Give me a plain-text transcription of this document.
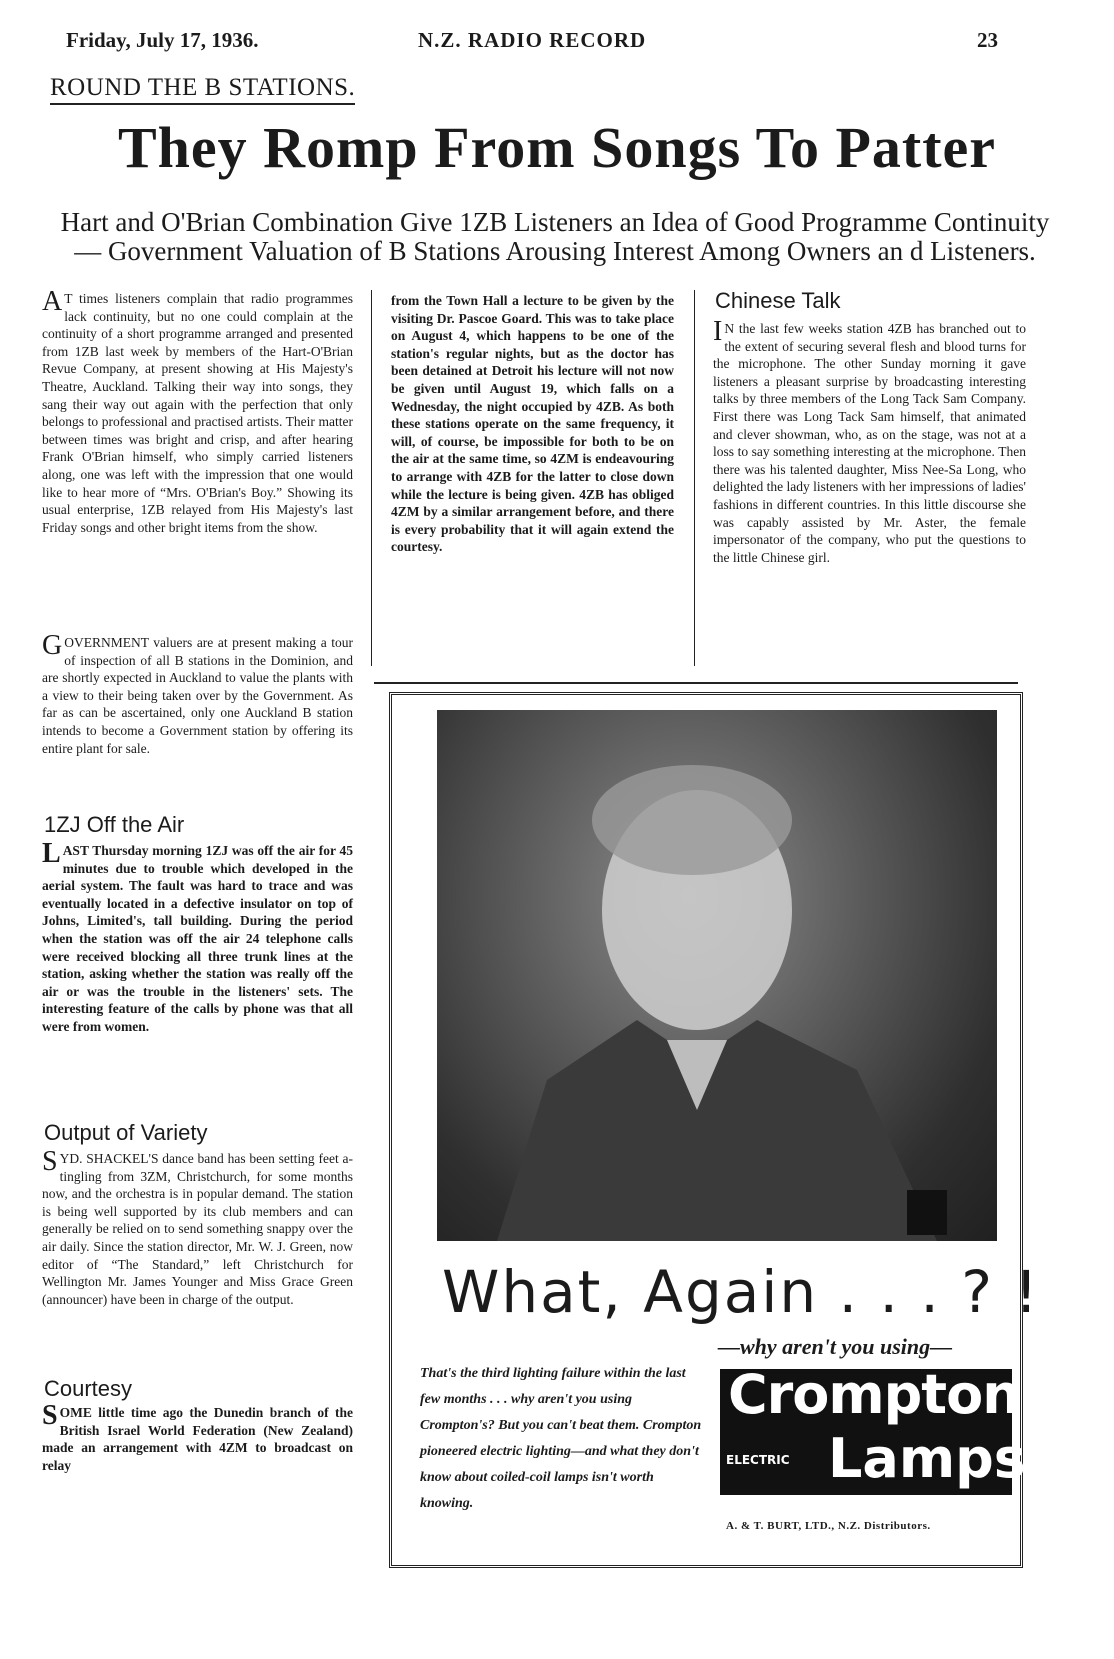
Friday, July 17, 1936.	N.Z. RADIO RECORD	23
ROUND THE B STATIONS.
They Romp From Songs To Patter
Hart and O'Brian Combination Give 1ZB Listeners an Idea of Good Programme Continuity — Government Valuation of B Stations Arousing Interest Among Owners an d Listeners.

A T times listeners complain that radio programmes lack continuity, but no one could complain at the continuity of a short programme arranged and presented from 1ZB last week by members of the Hart-O'Brian Revue Company, at present showing at His Majesty's Theatre, Auckland. Talking their way into songs, they sang their way out again with the perfection that only belongs to professional and practised artists. Their matter between times was bright and crisp, and after hearing Frank O'Brian himself, who simply carried listeners along, one was left with the impression that one would like to hear more of “Mrs. O'Brian's Boy.” Showing its usual enterprise, 1ZB relayed from His Majesty's last Friday songs and other bright items from the show.

GOVERNMENT valuers are at present making a tour of inspection of all B stations in the Dominion, and are shortly expected in Auckland to value the plants with a view to their being taken over by the Government. As far as can be ascertained, only one Auckland B station intends to become a Government station by offering its entire plant for sale.

1ZJ Off the Air

LAST Thursday morning 1ZJ was off the air for 45 minutes due to trouble which developed in the aerial system. The fault was hard to trace and was eventually located in a defective insulator on top of Johns, Limited's, tall building. During the period when the station was off the air 24 telephone calls were received blocking all three trunk lines at the station, asking whether the station was really off the air or was the trouble in the listeners' sets. The interesting feature of the calls by phone was that all were from women.

Output of Variety

SYD. SHACKEL'S dance band has been setting feet a-tingling from 3ZM, Christchurch, for some months now, and the orchestra is in popular demand. The station is being well supported by its club members and can generally be relied on to send something snappy over the air daily. Since the station director, Mr. W. J. Green, now editor of “The Standard,” left Christchurch for Wellington Mr. James Younger and Miss Grace Green (announcer) have been in charge of the output.

Courtesy

SOME little time ago the Dunedin branch of the British Israel World Federation (New Zealand) made an arrangement with 4ZM to broadcast on relay

from the Town Hall a lecture to be given by the visiting Dr. Pascoe Goard. This was to take place on August 4, which happens to be one of the station's regular nights, but as the doctor has been detained at Detroit his lecture will not now be given until August 19, which falls on a Wednesday, the night occupied by 4ZB. As both these stations operate on the same frequency, it will, of course, be impossible for both to be on the air at the same time, so 4ZM is endeavouring to arrange with 4ZB for the latter to close down while the lecture is being given. 4ZB has obliged 4ZM by a similar arrangement before, and there is every probability that it will again extend the courtesy.

Chinese Talk

I N the last few weeks station 4ZB has branched out to the extent of securing several flesh and blood turns for the microphone. The other Sunday morning it gave listeners a pleasant surprise by broadcasting interesting talks by three members of the Long Tack Sam Company. First there was Long Tack Sam himself, that animated and clever showman, who, as on the stage, was not at a loss to say something interesting at the microphone. Then there was his talented daughter, Miss Nee-Sa Long, who delighted the lady listeners with her impressions of ladies' fashions in different countries. In this little discourse she was capably assisted by Mr. Aster, the female impersonator of the company, who put the questions to the little Chinese girl.

What, Again . . . ? !
—why aren't you using—
That's the third lighting failure within the last few months . . . why aren't you using Crompton's? But you can't beat them. Crompton pioneered electric lighting—and what they don't know about coiled-coil lamps isn't worth knowing.
Crompton
ELECTRIC Lamps
A. & T. BURT, LTD., N.Z. Distributors.
